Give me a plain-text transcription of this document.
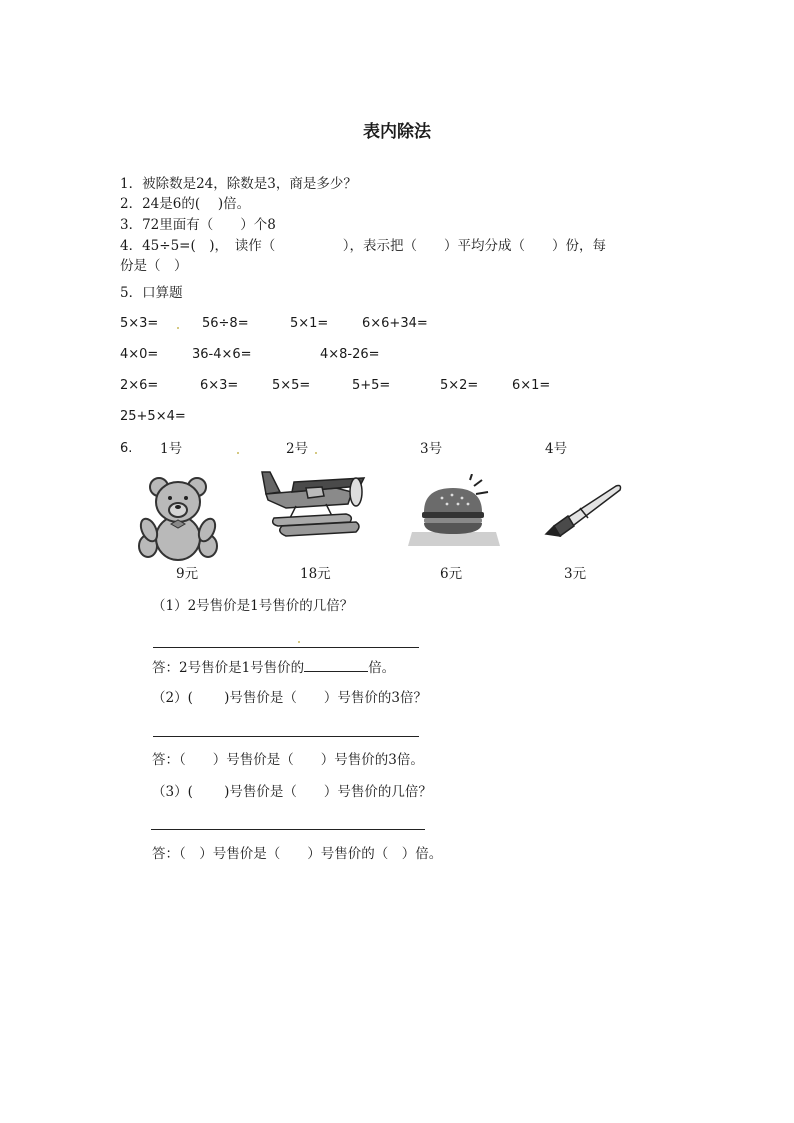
表内除法
1．被除数是24，除数是3，商是多少？
2．24是6的(　 )倍。
3．72里面有（　　）个8
4．45÷5=(　)，　读作（　　　　　），表示把（　　）平均分成（　　）份，每
份是（　）
5．口算题
5×3=	56÷8=	5×1=	6×6+34=
4×0=	36-4×6=	4×8-26=
2×6=	6×3=	5×5=	5+5=	5×2=	6×1=
25+5×4=
6. 1号	2号	3号	4号
9元	18元	6元	3元
（1）2号售价是1号售价的几倍？
答：2号售价是1号售价的	倍。
（2）(　　 )号售价是（　　）号售价的3倍？
答：（　　）号售价是（　　）号售价的3倍。
（3）(　　 )号售价是（　　）号售价的几倍？
答：（　）号售价是（　　）号售价的（　）倍。
